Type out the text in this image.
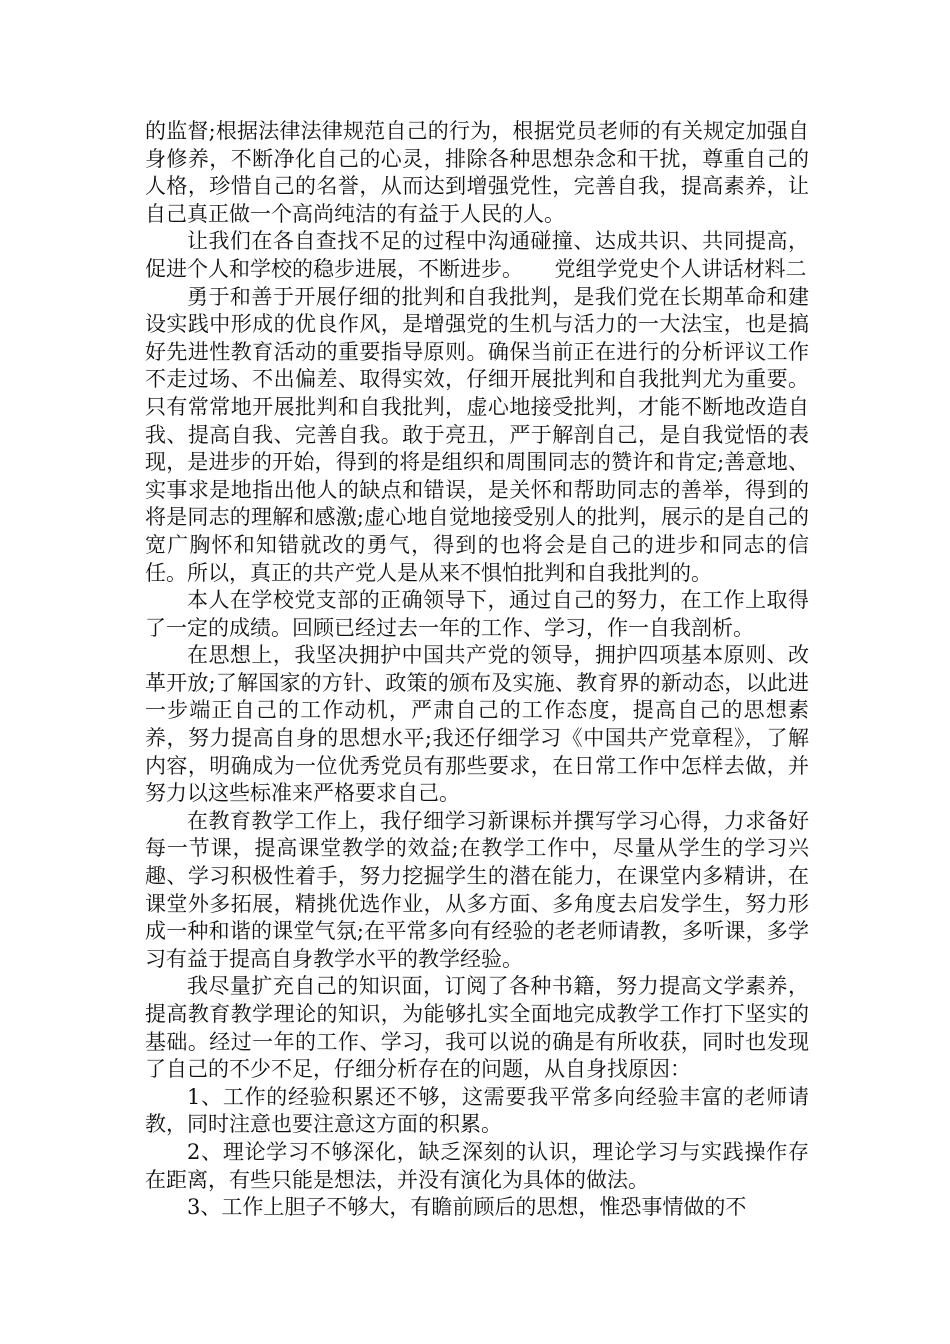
的监督;根据法律法律规范自己的行为，根据党员老师的有关规定加强自身修养，不断净化自己的心灵，排除各种思想杂念和干扰，尊重自己的人格，珍惜自己的名誉，从而达到增强党性，完善自我，提高素养，让自己真正做一个高尚纯洁的有益于人民的人。

让我们在各自查找不足的过程中沟通碰撞、达成共识、共同提高，促进个人和学校的稳步进展，不断进步。　　党组学党史个人讲话材料二

勇于和善于开展仔细的批判和自我批判，是我们党在长期革命和建设实践中形成的优良作风，是增强党的生机与活力的一大法宝，也是搞好先进性教育活动的重要指导原则。确保当前正在进行的分析评议工作不走过场、不出偏差、取得实效，仔细开展批判和自我批判尤为重要。只有常常地开展批判和自我批判，虚心地接受批判，才能不断地改造自我、提高自我、完善自我。敢于亮丑，严于解剖自己，是自我觉悟的表现，是进步的开始，得到的将是组织和周围同志的赞许和肯定;善意地、实事求是地指出他人的缺点和错误，是关怀和帮助同志的善举，得到的将是同志的理解和感激;虚心地自觉地接受别人的批判，展示的是自己的宽广胸怀和知错就改的勇气，得到的也将会是自己的进步和同志的信任。所以，真正的共产党人是从来不惧怕批判和自我批判的。

本人在学校党支部的正确领导下，通过自己的努力，在工作上取得了一定的成绩。回顾已经过去一年的工作、学习，作一自我剖析。

在思想上，我坚决拥护中国共产党的领导，拥护四项基本原则、改革开放;了解国家的方针、政策的颁布及实施、教育界的新动态，以此进一步端正自己的工作动机，严肃自己的工作态度，提高自己的思想素养，努力提高自身的思想水平;我还仔细学习《中国共产党章程》，了解内容，明确成为一位优秀党员有那些要求，在日常工作中怎样去做，并努力以这些标准来严格要求自己。

在教育教学工作上，我仔细学习新课标并撰写学习心得，力求备好每一节课，提高课堂教学的效益;在教学工作中，尽量从学生的学习兴趣、学习积极性着手，努力挖掘学生的潜在能力，在课堂内多精讲，在课堂外多拓展，精挑优选作业，从多方面、多角度去启发学生，努力形成一种和谐的课堂气氛;在平常多向有经验的老老师请教，多听课，多学习有益于提高自身教学水平的教学经验。

我尽量扩充自己的知识面，订阅了各种书籍，努力提高文学素养，提高教育教学理论的知识，为能够扎实全面地完成教学工作打下坚实的基础。经过一年的工作、学习，我可以说的确是有所收获，同时也发现了自己的不少不足，仔细分析存在的问题，从自身找原因：

1、工作的经验积累还不够，这需要我平常多向经验丰富的老师请教，同时注意也要注意这方面的积累。

2、理论学习不够深化，缺乏深刻的认识，理论学习与实践操作存在距离，有些只能是想法，并没有演化为具体的做法。

3、工作上胆子不够大，有瞻前顾后的思想，惟恐事情做的不
